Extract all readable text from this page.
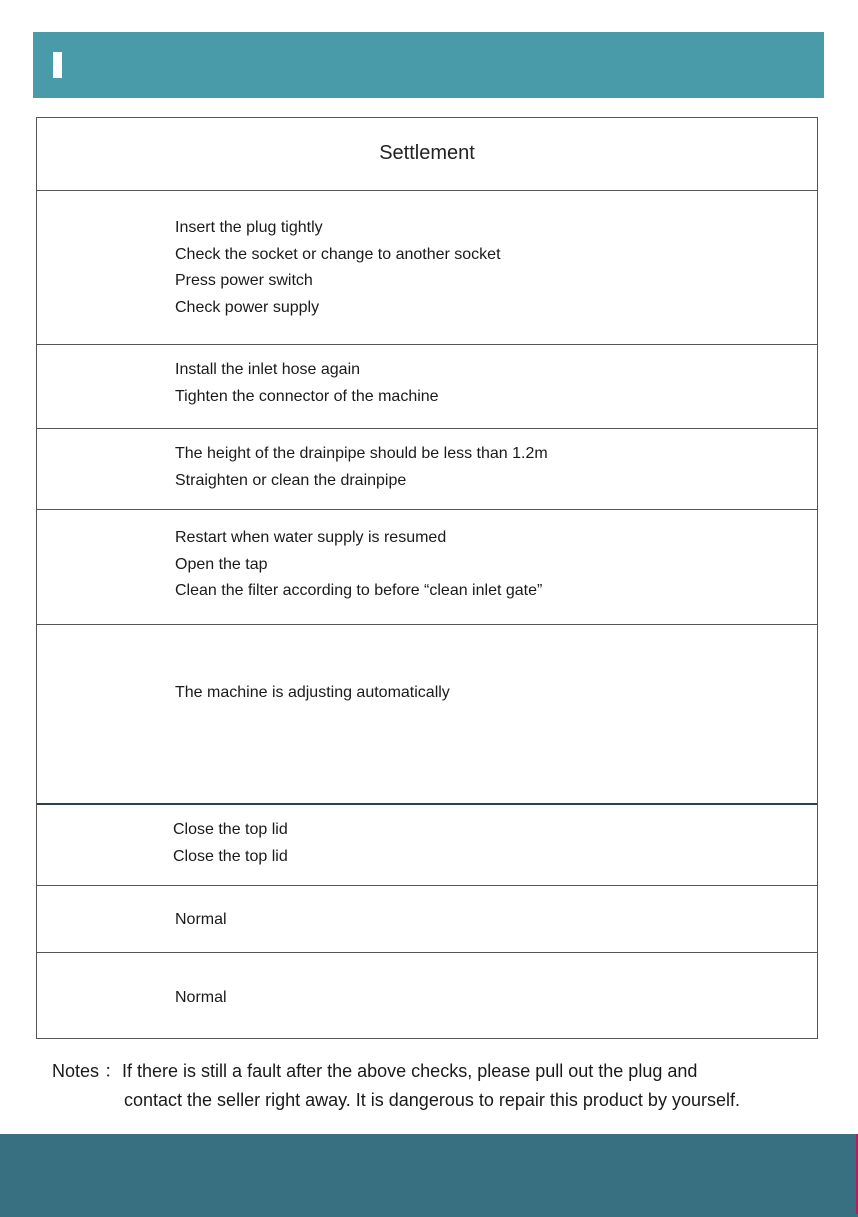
Settlement
Insert the plug tightly
Check the socket or change to another socket
Press power switch
Check power supply
Install the inlet hose again
Tighten the connector of the machine
The height of the drainpipe should be less than 1.2m
Straighten or clean the drainpipe
Restart when water supply is resumed
Open the tap
Clean the filter according to before “clean inlet gate”
The machine is adjusting automatically
Close the top lid
Close the top lid
Normal
Normal
Notes ：If there is still a fault after the above checks, please pull out the plug and
contact the seller right away. It is dangerous to repair this product by yourself.
